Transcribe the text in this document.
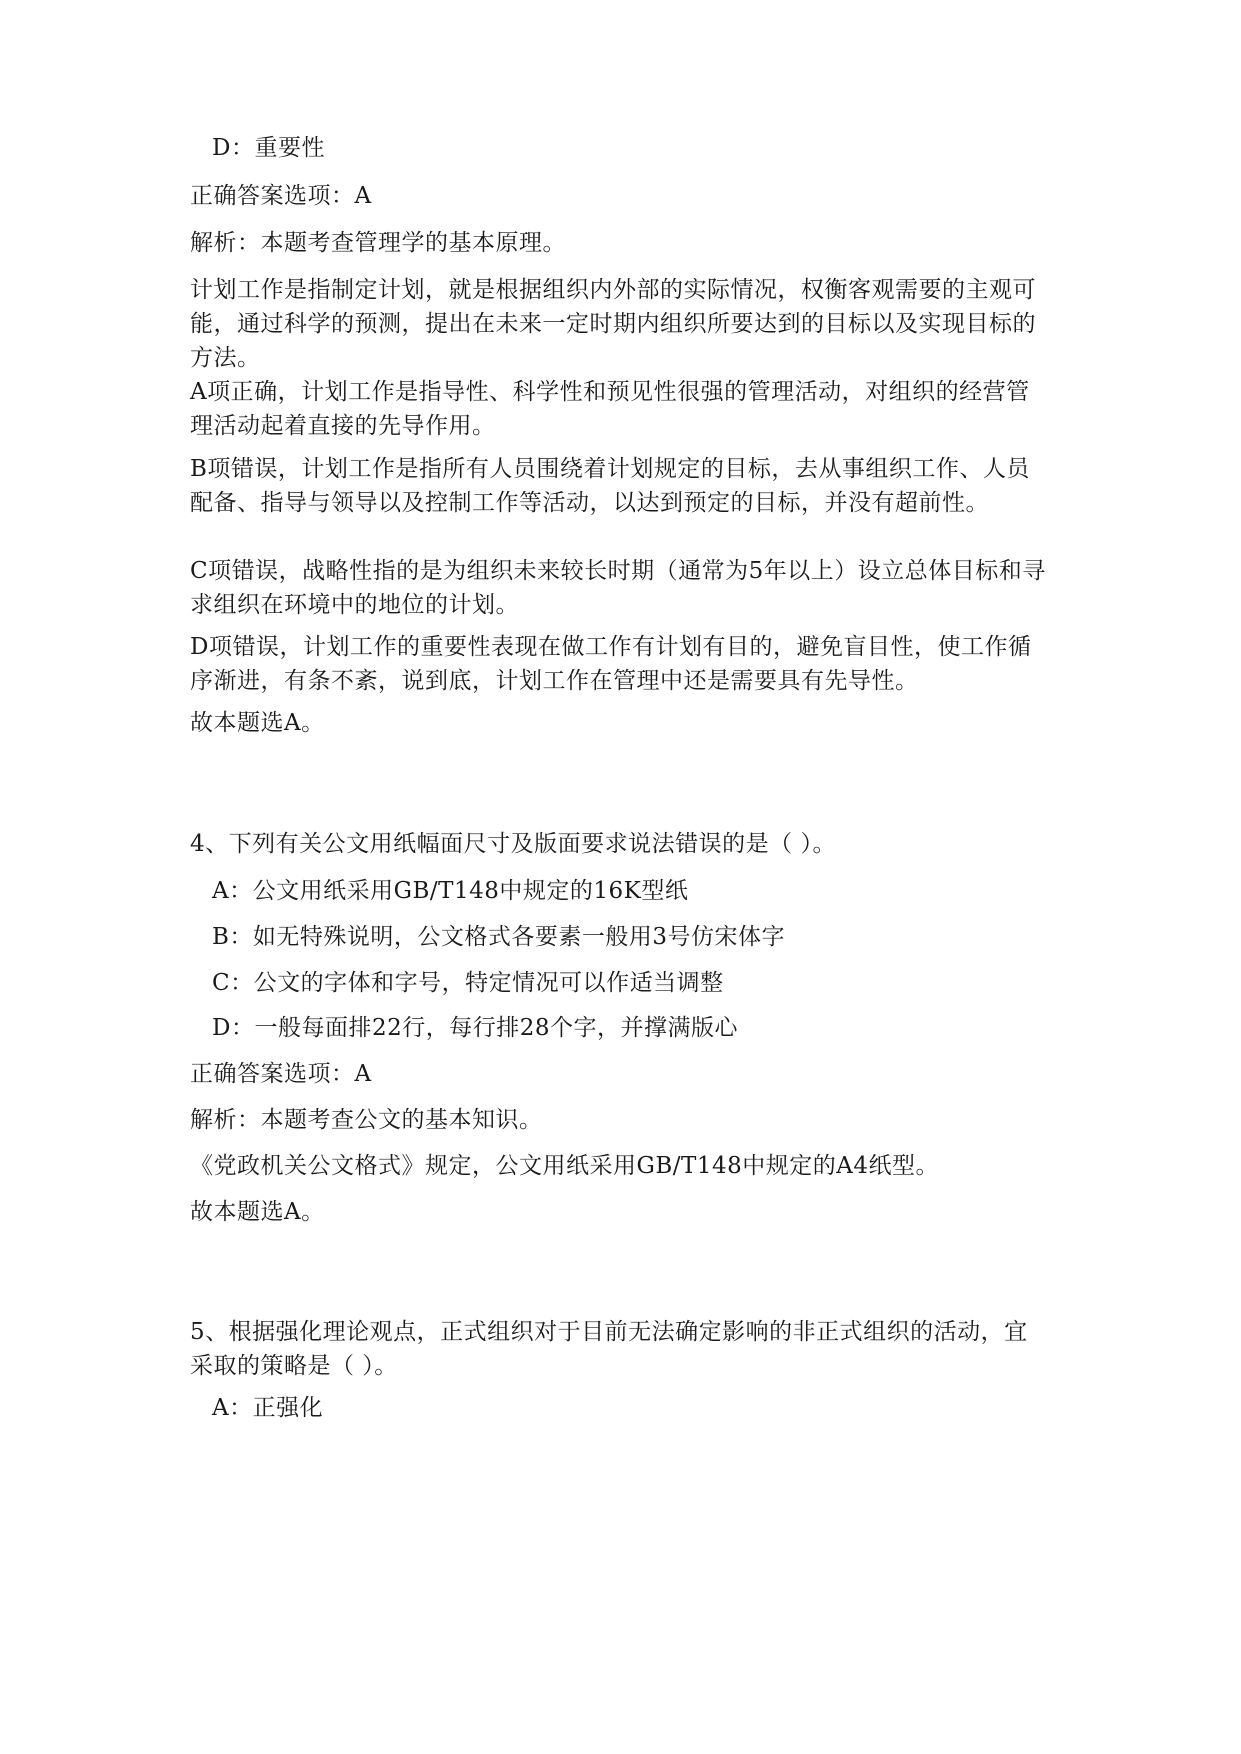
D：重要性
正确答案选项：A
解析：本题考查管理学的基本原理。
计划工作是指制定计划，就是根据组织内外部的实际情况，权衡客观需要的主观可能，通过科学的预测，提出在未来一定时期内组织所要达到的目标以及实现目标的方法。
A项正确，计划工作是指导性、科学性和预见性很强的管理活动，对组织的经营管理活动起着直接的先导作用。
B项错误，计划工作是指所有人员围绕着计划规定的目标，去从事组织工作、人员配备、指导与领导以及控制工作等活动，以达到预定的目标，并没有超前性。
C项错误，战略性指的是为组织未来较长时期（通常为5年以上）设立总体目标和寻求组织在环境中的地位的计划。
D项错误，计划工作的重要性表现在做工作有计划有目的，避免盲目性，使工作循序渐进，有条不紊，说到底，计划工作在管理中还是需要具有先导性。
故本题选A。
4、下列有关公文用纸幅面尺寸及版面要求说法错误的是（ ）。
A：公文用纸采用GB/T148中规定的16K型纸
B：如无特殊说明，公文格式各要素一般用3号仿宋体字
C：公文的字体和字号，特定情况可以作适当调整
D：一般每面排22行，每行排28个字，并撑满版心
正确答案选项：A
解析：本题考查公文的基本知识。
《党政机关公文格式》规定，公文用纸采用GB/T148中规定的A4纸型。
故本题选A。
5、根据强化理论观点，正式组织对于目前无法确定影响的非正式组织的活动，宜采取的策略是（ ）。
A：正强化
